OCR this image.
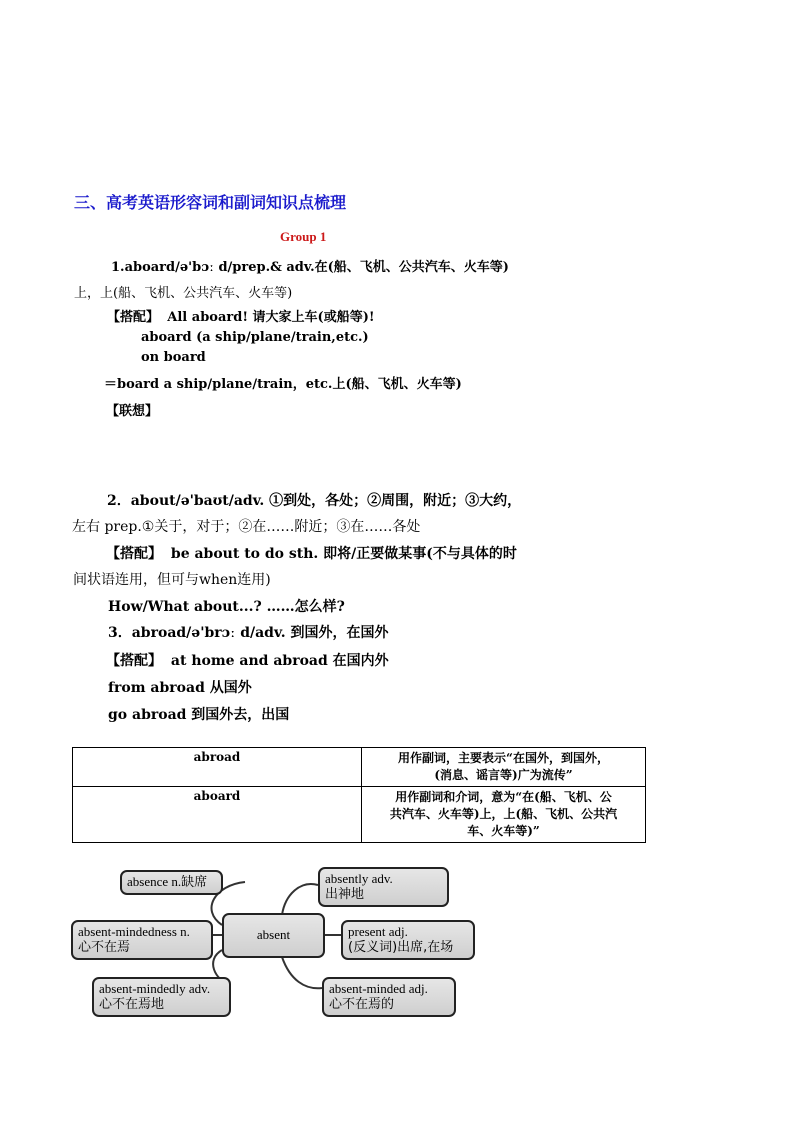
三、高考英语形容词和副词知识点梳理
Group 1
1.aboard/ə'bɔː d/prep.& adv.在(船、飞机、公共汽车、火车等)
上，上(船、飞机、公共汽车、火车等)
【搭配】 All aboard! 请大家上车(或船等)!
aboard (a ship/plane/train,etc.)
on board
＝board a ship/plane/train，etc.上(船、飞机、火车等)
【联想】
2．about/ə'baʊt/adv. ①到处，各处；②周围，附近；③大约，
左右 prep.①关于，对于；②在……附近；③在……各处
【搭配】 be about to do sth. 即将/正要做某事(不与具体的时
间状语连用，但可与when连用)
How/What about...? ……怎么样?
3．abroad/ə'brɔː d/adv. 到国外，在国外
【搭配】 at home and abroad 在国内外
from abroad 从国外
go abroad 到国外去，出国
abroad	用作副词，主要表示“在国外，到国外，
(消息、谣言等)广为流传”

aboard	用作副词和介词，意为“在(船、飞机、公
共汽车、火车等)上，上(船、飞机、公共汽
车、火车等)”
absence n.缺席	absently adv.
出神地
absent-mindedness n.
心不在焉
absent	present adj.
(反义词)出席,在场
absent-mindedly adv.
心不在焉地
absent-minded adj.
心不在焉的
